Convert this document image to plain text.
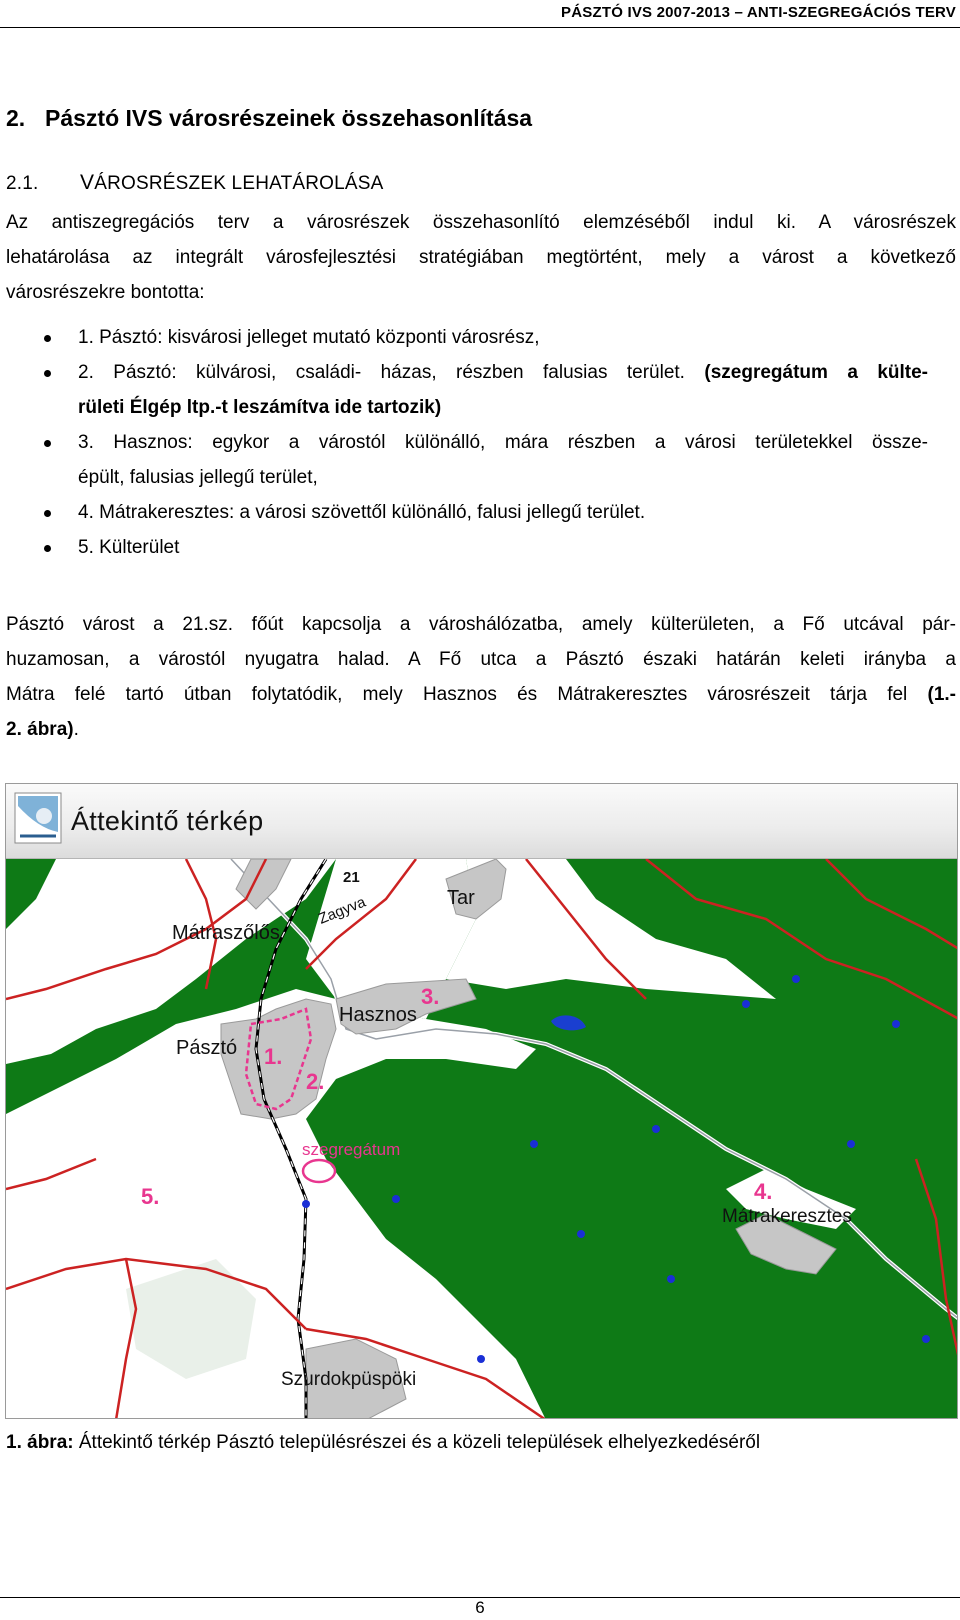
PÁSZTÓ IVS 2007-2013 – ANTI-SZEGREGÁCIÓS TERV
2. Pásztó IVS városrészeinek összehasonlítása
2.1. VÁROSRÉSZEK LEHATÁROLÁSA
Az antiszegregációs terv a városrészek összehasonlító elemzéséből indul ki. A városrészek
lehatárolása az integrált városfejlesztési stratégiában megtörtént, mely a várost a következő
városrészekre bontotta:
1. Pásztó: kisvárosi jelleget mutató központi városrész,
2. Pásztó: külvárosi, családi- házas, részben falusias terület. (szegregátum a külte-
rületi Élgép ltp.-t leszámítva ide tartozik)
3. Hasznos: egykor a várostól különálló, mára részben a városi területekkel össze-
épült, falusias jellegű terület,
4. Mátrakeresztes: a városi szövettől különálló, falusi jellegű terület.
5. Külterület
Pásztó várost a 21.sz. főút kapcsolja a városhálózatba, amely külterületen, a Fő utcával pár-
huzamosan, a várostól nyugatra halad. A Fő utca a Pásztó északi határán keleti irányba a
Mátra felé tartó útban folytatódik, mely Hasznos és Mátrakeresztes városrészeit tárja fel (1.-
2. ábra).
Áttekintő térkép
21
Zagyva	Tar
Mátraszőlős
Hasznos
Pásztó
szegregátum
Mátrakeresztes
Szurdokpüspöki
1.
2.
3.
4.
5.
1. ábra: Áttekintő térkép Pásztó településrészei és a közeli települések elhelyezkedéséről
6
